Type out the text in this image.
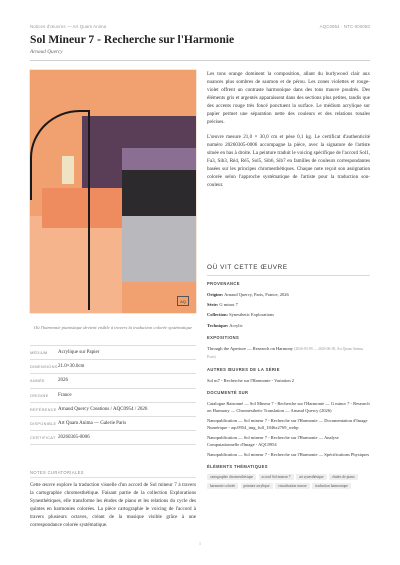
Notices d'œuvres — Art Quam Anima	AQC0954 · NTC-000050
Sol Mineur 7 - Recherche sur l'Harmonie
Arnaud Quercy
AQ
Où l'harmonie pianistique devient visible à travers la traduction colorée systématique
MÉDIUM	Acrylique sur Papier
DIMENSIONS 21.0×30.0cm
ANNÉE	2026
ORIGINE	France
RÉFÉRENCE Arnaud Quercy Creations / AQC0954 / 2026
DISPONIBLE Art Quam Anima — Galerie Paris
CERTIFICAT 20260305-0006
NOTES CURATORIALES
Cette œuvre explore la traduction visuelle d'un accord de Sol mineur 7 à travers la cartographie chromesthétique. Faisant partie de la collection Explorations Synesthétiques, elle transforme les études de piano et les relations du cycle des quintes en harmonies colorées. La pièce cartographie le voicing de l'accord à travers plusieurs octaves, créant de la musique visible grâce à une correspondance colorée systématique.

Les tons orange dominent la composition, allant du burlywood clair aux nuances plus sombres de saumon et de pérou. Les zones violettes et rouge-violet offrent un contraste harmonique dans des tons mauve poudrés. Des éléments gris et argentés apparaissent dans des sections plus petites, tandis que des accents rouge très foncé ponctuent la surface. Le médium acrylique sur papier permet une séparation nette des couleurs et des relations tonales précises.

L'œuvre mesure 21,0 × 30,0 cm et pèse 0,1 kg. Le certificat d'authenticité numéro 20260305-0006 accompagne la pièce, avec la signature de l'artiste située en bas à droite. La peinture traduit le voicing spécifique de l'accord Sol1, Fa3, Sib3, Ré4, Ré5, Sol5, Sib6, Sib7 en familles de couleurs correspondantes basées sur les principes chromesthétiques. Chaque note reçoit son assignation colorée selon l'approche systématique de l'artiste pour la traduction son-couleur.

OÙ VIT CETTE ŒUVRE
PROVENANCE
Origine: Arnaud Quercy, Paris, France, 2026
Série: G minor 7
Collection: Synesthetic Explorations
Technique: Acrylic
EXPOSITIONS
Through the Aperture — Research on Harmony (2026-03-09 — 2026-06-30, Art Quam Anima, Paris)
AUTRES ŒUVRES DE LA SÉRIE
Sol m7 - Recherche sur l'Harmonie - Variation 2
DOCUMENTÉ SUR
Catalogue Raisonné — Sol Mineur 7 - Recherche sur l'Harmonie — G minor 7 - Research on Harmony — Chromesthetic Translation — Arnaud Quercy (2026)
Nanopublication — Sol mineur 7 - Recherche sur l'Harmonie — Documentation d'Image Numérique - aqc0954_img_full_1846x2769_webp
Nanopublication — Sol mineur 7 - Recherche sur l'Harmonie — Analyse Computationnelle d'Image - AQC0954
Nanopublication — Sol mineur 7 - Recherche sur l'Harmonie — Spécifications Physiques
ÉLÉMENTS THÉMATIQUES
cartographie chromesthésique	accord Sol mineur 7	art synesthésique	études de piano
harmonie colorée	peinture acrylique	visualisation sonore	traduction harmonique
1
